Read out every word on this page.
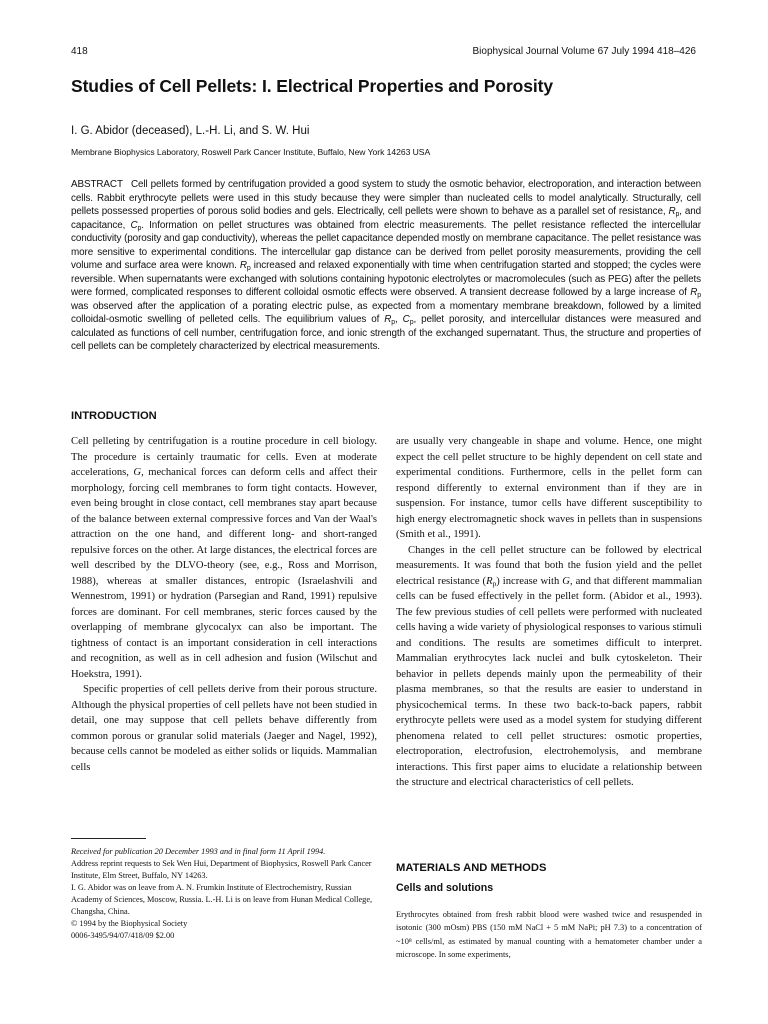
418	Biophysical Journal Volume 67 July 1994 418–426
Studies of Cell Pellets: I. Electrical Properties and Porosity
I. G. Abidor (deceased), L.-H. Li, and S. W. Hui
Membrane Biophysics Laboratory, Roswell Park Cancer Institute, Buffalo, New York 14263 USA
ABSTRACT Cell pellets formed by centrifugation provided a good system to study the osmotic behavior, electroporation, and interaction between cells. Rabbit erythrocyte pellets were used in this study because they were simpler than nucleated cells to model analytically. Structurally, cell pellets possessed properties of porous solid bodies and gels. Electrically, cell pellets were shown to behave as a parallel set of resistance, $R_p$, and capacitance, $C_p$. Information on pellet structures was obtained from electric measurements. The pellet resistance reflected the intercellular conductivity (porosity and gap conductivity), whereas the pellet capacitance depended mostly on membrane capacitance. The pellet resistance was more sensitive to experimental conditions. The intercellular gap distance can be derived from pellet porosity measurements, providing the cell volume and surface area were known. $R_p$ increased and relaxed exponentially with time when centrifugation started and stopped; the cycles were reversible. When supernatants were exchanged with solutions containing hypotonic electrolytes or macromolecules (such as PEG) after the pellets were formed, complicated responses to different colloidal osmotic effects were observed. A transient decrease followed by a large increase of $R_p$ was observed after the application of a porating electric pulse, as expected from a momentary membrane breakdown, followed by a limited colloidal-osmotic swelling of pelleted cells. The equilibrium values of $R_p$, $C_p$, pellet porosity, and intercellular distances were measured and calculated as functions of cell number, centrifugation force, and ionic strength of the exchanged supernatant. Thus, the structure and properties of cell pellets can be completely characterized by electrical measurements.
INTRODUCTION

Cell pelleting by centrifugation is a routine procedure in cell biology. The procedure is certainly traumatic for cells. Even at moderate accelerations, G, mechanical forces can deform cells and affect their morphology, forcing cell membranes to form tight contacts. However, even being brought in close contact, cell membranes stay apart because of the balance between external compressive forces and Van der Waal's attraction on the one hand, and different long- and short-ranged repulsive forces on the other. At large distances, the electrical forces are well described by the DLVO-theory (see, e.g., Ross and Morrison, 1988), whereas at smaller distances, entropic (Israelashvili and Wennestrom, 1991) or hydration (Parsegian and Rand, 1991) repulsive forces are dominant. For cell membranes, steric forces caused by the overlapping of membrane glycocalyx can also be important. The tightness of contact is an important consideration in cell interactions and recognition, as well as in cell adhesion and fusion (Wilschut and Hoekstra, 1991).

Specific properties of cell pellets derive from their porous structure. Although the physical properties of cell pellets have not been studied in detail, one may suppose that cell pellets behave differently from common porous or granular solid materials (Jaeger and Nagel, 1992), because cells cannot be modeled as either solids or liquids. Mammalian cells

are usually very changeable in shape and volume. Hence, one might expect the cell pellet structure to be highly dependent on cell state and experimental conditions. Furthermore, cells in the pellet form can respond differently to external environment than if they are in suspension. For instance, tumor cells have different susceptibility to high energy electromagnetic shock waves in pellets than in suspensions (Smith et al., 1991).

Changes in the cell pellet structure can be followed by electrical measurements. It was found that both the fusion yield and the pellet electrical resistance $(R_p)$ increase with G, and that different mammalian cells can be fused effectively in the pellet form. (Abidor et al., 1993). The few previous studies of cell pellets were performed with nucleated cells having a wide variety of physiological responses to various stimuli and conditions. The results are sometimes difficult to interpret. Mammalian erythrocytes lack nuclei and bulk cytoskeleton. Their behavior in pellets depends mainly upon the permeability of their plasma membranes, so that the results are easier to understand in physicochemical terms. In these two back-to-back papers, rabbit erythrocyte pellets were used as a model system for studying different phenomena related to cell pellet structures: osmotic properties, electroporation, electrofusion, electrohemolysis, and membrane interactions. This first paper aims to elucidate a relationship between the structure and electrical characteristics of cell pellets.

MATERIALS AND METHODS
Cells and solutions
Erythrocytes obtained from fresh rabbit blood were washed twice and resuspended in isotonic (300 mOsm) PBS (150 mM NaCl + 5 mM NaPi; pH 7.3) to a concentration of ~10⁸ cells/ml, as estimated by manual counting with a hematometer chamber under a microscope. In some experiments,
Received for publication 20 December 1993 and in final form 11 April 1994.
Address reprint requests to Sek Wen Hui, Department of Biophysics, Roswell Park Cancer Institute, Elm Street, Buffalo, NY 14263.
I. G. Abidor was on leave from A. N. Frumkin Institute of Electrochemistry, Russian Academy of Sciences, Moscow, Russia. L.-H. Li is on leave from Hunan Medical College, Changsha, China.
© 1994 by the Biophysical Society
0006-3495/94/07/418/09 $2.00
